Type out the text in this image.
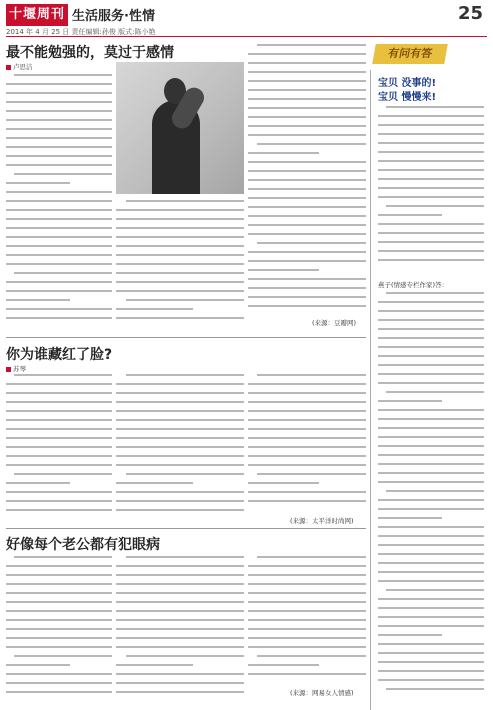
十堰周刊 生活服务·性情	25
2014 年 4 月 25 日 责任编辑:孙俊 版式:陈小艳
最不能勉强的，莫过于感情
卢思洁
(来源：豆瓣网)
你为谁藏红了脸?
苏琴
(来源：太平洋时尚网)
好像每个老公都有犯眼病
(来源：网易女人情感)
有问有答
宝贝 没事的!
宝贝 慢慢来!
燕子(情感专栏作家)答：
